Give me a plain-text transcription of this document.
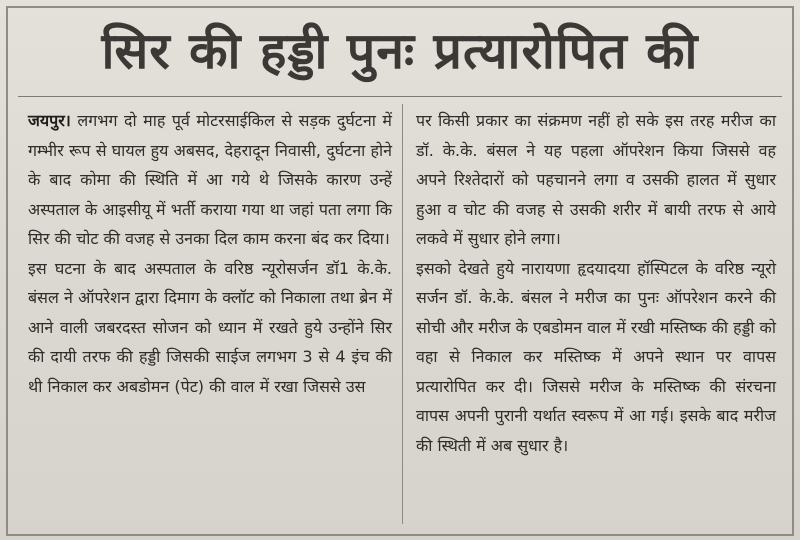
सिर की हड्डी पुनः प्रत्यारोपित की

जयपुर। लगभग दो माह पूर्व मोटरसाईकिल से सड़क दुर्घटना में गम्भीर रूप से घायल हुय अबसद, देहरादून निवासी, दुर्घटना होने के बाद कोमा की स्थिति में आ गये थे जिसके कारण उन्हें अस्पताल के आइसीयू में भर्ती कराया गया था जहां पता लगा कि सिर की चोट की वजह से उनका दिल काम करना बंद कर दिया।

इस घटना के बाद अस्पताल के वरिष्ठ न्यूरोसर्जन डॉ1 के.के. बंसल ने ऑपरेशन द्वारा दिमाग के क्लॉट को निकाला तथा ब्रेन में आने वाली जबरदस्त सोजन को ध्यान में रखते हुये उन्होंने सिर की दायी तरफ की हड्डी जिसकी साईज लगभग 3 से 4 इंच की थी निकाल कर अबडोमन (पेट) की वाल में रखा जिससे उस

पर किसी प्रकार का संक्रमण नहीं हो सके इस तरह मरीज का डॉ. के.के. बंसल ने यह पहला ऑपरेशन किया जिससे वह अपने रिश्तेदारों को पहचानने लगा व उसकी हालत में सुधार हुआ व चोट की वजह से उसकी शरीर में बायी तरफ से आये लकवे में सुधार होने लगा।

इसको देखते हुये नारायणा हृदयादया हॉस्पिटल के वरिष्ठ न्यूरो सर्जन डॉ. के.के. बंसल ने मरीज का पुनः ऑपरेशन करने की सोची और मरीज के एबडोमन वाल में रखी मस्तिष्क की हड्डी को वहा से निकाल कर मस्तिष्क में अपने स्थान पर वापस प्रत्यारोपित कर दी। जिससे मरीज के मस्तिष्क की संरचना वापस अपनी पुरानी यर्थात स्वरूप में आ गई। इसके बाद मरीज की स्थिती में अब सुधार है।
